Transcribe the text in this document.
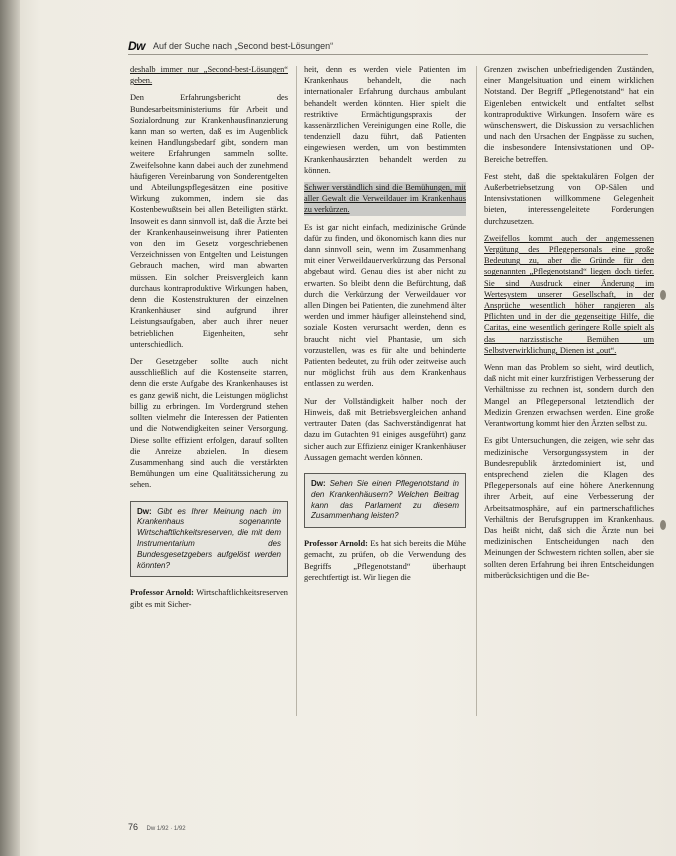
Dw Auf der Suche nach „Second best-Lösungen“

deshalb immer nur „Second-best-Lösungen“ geben.

Den Erfahrungsbericht des Bundesarbeitsministeriums für Arbeit und Sozialordnung zur Krankenhausfinanzierung kann man so werten, daß es im Augenblick keinen Handlungsbedarf gibt, sondern man weitere Erfahrungen sammeln sollte. Zweifelsohne kann dabei auch der zunehmend häufigeren Vereinbarung von Sonderentgelten und Abteilungspflegesätzen eine positive Wirkung zukommen, indem sie das Kostenbewußtsein bei allen Beteiligten stärkt. Insoweit es dann sinnvoll ist, daß die Ärzte bei der Krankenhauseinweisung ihrer Patienten von den im Gesetz vorgeschriebenen Verzeichnissen von Entgelten und Leistungen Gebrauch machen, wird man abwarten müssen. Ein solcher Preisvergleich kann durchaus kontraproduktive Wirkungen haben, denn die Kostenstrukturen der einzelnen Krankenhäuser sind aufgrund ihrer Leistungsaufgaben, aber auch ihrer neuer betrieblichen Eigenheiten, sehr unterschiedlich.

Der Gesetzgeber sollte auch nicht ausschließlich auf die Kostenseite starren, denn die erste Aufgabe des Krankenhauses ist es ganz gewiß nicht, die Leistungen möglichst billig zu erbringen. Im Vordergrund stehen sollten vielmehr die Interessen der Patienten und die Notwendigkeiten seiner Versorgung. Diese sollte effizient erfolgen, darauf sollten die Anreize abzielen. In diesem Zusammenhang sind auch die verstärkten Bemühungen um eine Qualitätssicherung zu sehen.

Dw: Gibt es Ihrer Meinung nach im Krankenhaus sogenannte Wirtschaftlichkeitsreserven, die mit dem Instrumentarium des Bundesgesetzgebers aufgelöst werden könnten?

Professor Arnold: Wirtschaftlichkeitsreserven gibt es mit Sicher-

heit, denn es werden viele Patienten im Krankenhaus behandelt, die nach internationaler Erfahrung durchaus ambulant behandelt werden könnten. Hier spielt die restriktive Ermächtigungspraxis der kassenärztlichen Vereinigungen eine Rolle, die tendenziell dazu führt, daß Patienten eingewiesen werden, um von bestimmten Krankenhausärzten behandelt werden zu können.

Schwer verständlich sind die Bemühungen, mit aller Gewalt die Verweildauer im Krankenhaus zu verkürzen.

Es ist gar nicht einfach, medizinische Gründe dafür zu finden, und ökonomisch kann dies nur dann sinnvoll sein, wenn im Zusammenhang mit einer Verweildauerverkürzung das Personal abgebaut wird. Genau dies ist aber nicht zu erwarten. So bleibt denn die Befürchtung, daß durch die Verkürzung der Verweildauer vor allen Dingen bei Patienten, die zunehmend älter werden und immer häufiger alleinstehend sind, soziale Kosten verursacht werden, denn es braucht nicht viel Phantasie, um sich vorzustellen, was es für alte und behinderte Patienten bedeutet, zu früh oder zeitweise auch nur möglichst früh aus dem Krankenhaus entlassen zu werden.

Nur der Vollständigkeit halber noch der Hinweis, daß mit Betriebsvergleichen anhand vertrauter Daten (das Sachverständigenrat hat dazu im Gutachten 91 einiges ausgeführt) ganz sicher auch zur Effizienz einiger Krankenhäuser Aussagen gemacht werden können.

Dw: Sehen Sie einen Pflegenotstand in den Krankenhäusern? Welchen Beitrag kann das Parlament zu diesem Zusammenhang leisten?

Professor Arnold: Es hat sich bereits die Mühe gemacht, zu prüfen, ob die Verwendung des Begriffs „Pflegenotstand“ überhaupt gerechtfertigt ist. Wir liegen die

Grenzen zwischen unbefriedigenden Zuständen, einer Mangelsituation und einem wirklichen Notstand. Der Begriff „Pflegenotstand“ hat ein Eigenleben entwickelt und entfaltet selbst kontraproduktive Wirkungen. Insofern wäre es wünschenswert, die Diskussion zu versachlichen und nach den Ursachen der Engpässe zu suchen, die insbesondere Intensivstationen und OP-Bereiche betreffen.

Fest steht, daß die spektakulären Folgen der Außerbetriebsetzung von OP-Sälen und Intensivstationen willkommene Gelegenheit bieten, interessengeleitete Forderungen durchzusetzen.

Zweifellos kommt auch der angemessenen Vergütung des Pflegepersonals eine große Bedeutung zu, aber die Gründe für den sogenannten „Pflegenotstand“ liegen doch tiefer. Sie sind Ausdruck einer Änderung im Wertesystem unserer Gesellschaft, in der Ansprüche wesentlich höher rangieren als Pflichten und in der die gegenseitige Hilfe, die Caritas, eine wesentlich geringere Rolle spielt als das narzisstische Bemühen um Selbstverwirklichung, Dienen ist „out“.

Wenn man das Problem so sieht, wird deutlich, daß nicht mit einer kurzfristigen Verbesserung der Verhältnisse zu rechnen ist, sondern durch den Mangel an Pflegepersonal letztendlich der Medizin Grenzen erwachsen werden. Eine große Verantwortung kommt hier den Ärzten selbst zu.

Es gibt Untersuchungen, die zeigen, wie sehr das medizinische Versorgungssystem in der Bundesrepublik ärztedominiert ist, und entsprechend zielen die Klagen des Pflegepersonals auf eine höhere Anerkennung ihrer Arbeit, auf eine Verbesserung der Arbeitsatmosphäre, auf ein partnerschaftliches Verhältnis der Berufsgruppen im Krankenhaus. Das heißt nicht, daß sich die Ärzte nun bei medizinischen Entscheidungen nach den Meinungen der Schwestern richten sollen, aber sie sollten deren Erfahrung bei ihren Entscheidungen mitberücksichtigen und die Be-

76 Dw 1/92 · 1/92
